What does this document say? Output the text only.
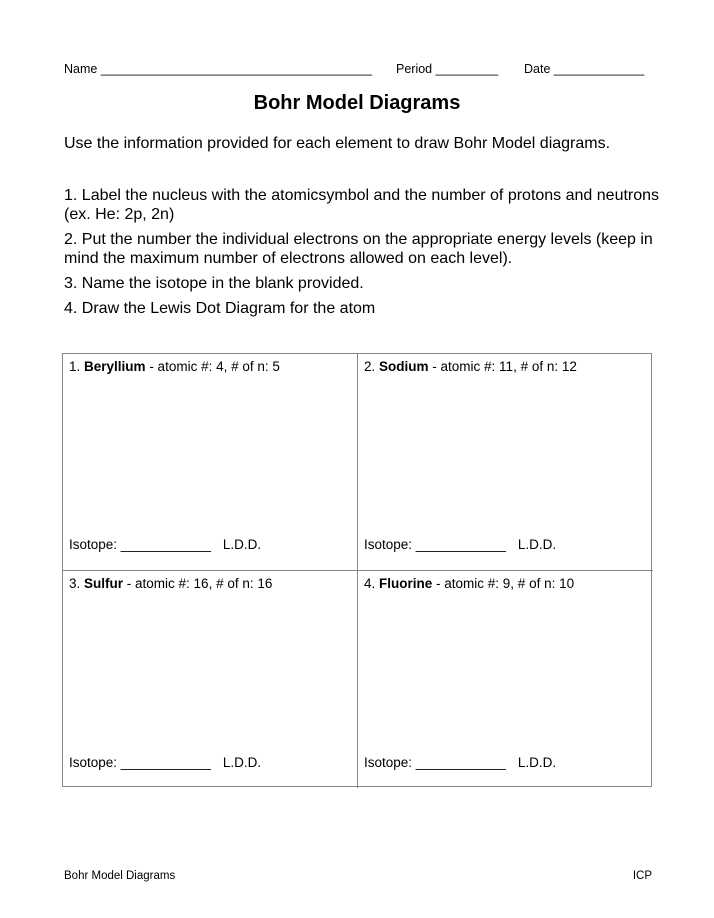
Name _______________________________________ Period _________ Date _____________
Bohr Model Diagrams
Use the information provided for each element to draw Bohr Model diagrams.

1. Label the nucleus with the atomicsymbol and the number of protons and neutrons (ex. He: 2p, 2n)

2. Put the number the individual electrons on the appropriate energy levels (keep in mind the maximum number of electrons allowed on each level).

3. Name the isotope in the blank provided.

4. Draw the Lewis Dot Diagram for the atom

1. Beryllium - atomic #: 4, # of n: 5
Isotope: ____________ L.D.D.
2. Sodium - atomic #: 11, # of n: 12
Isotope: ____________ L.D.D.
3. Sulfur - atomic #: 16, # of n: 16
Isotope: ____________ L.D.D.
4. Fluorine - atomic #: 9, # of n: 10
Isotope: ____________ L.D.D.
Bohr Model Diagrams	ICP
